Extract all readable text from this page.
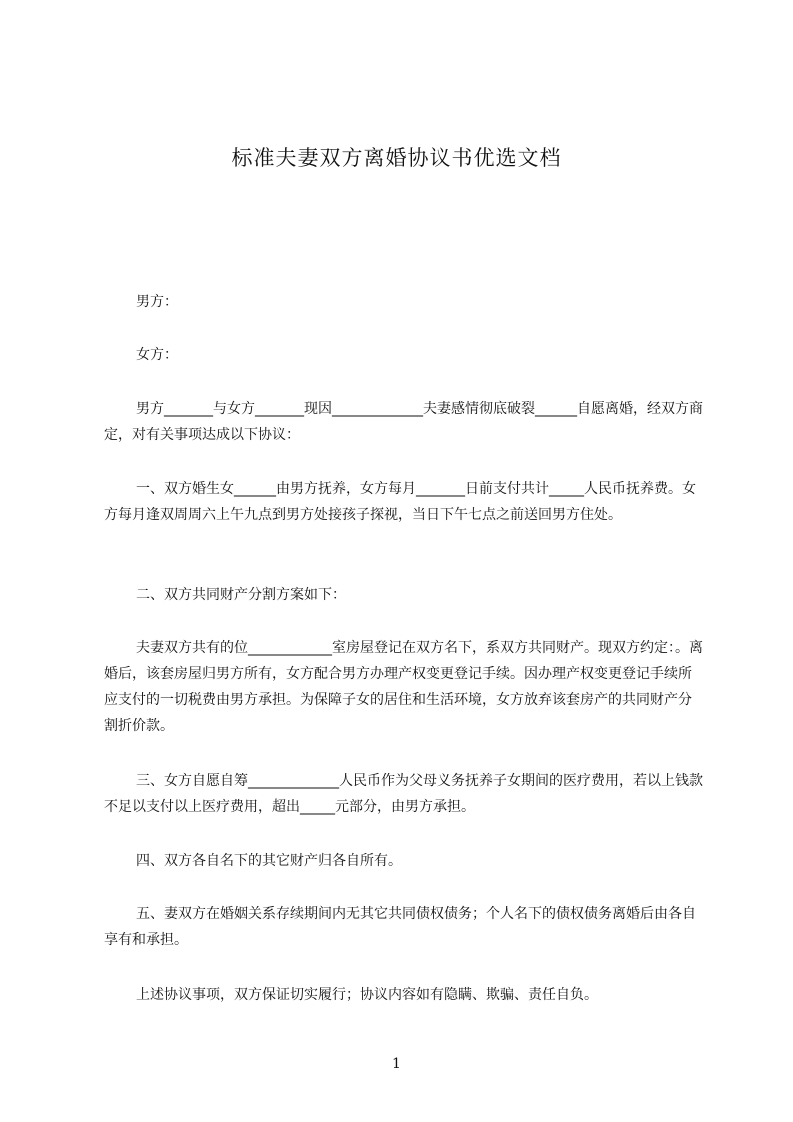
标准夫妻双方离婚协议书优选文档

男方：

女方：

男方_______与女方_______现因_____________夫妻感情彻底破裂______自愿离婚，经双方商定，对有关事项达成以下协议：

一、双方婚生女______由男方抚养，女方每月_______日前支付共计_____人民币抚养费。女方每月逢双周周六上午九点到男方处接孩子探视，当日下午七点之前送回男方住处。

二、双方共同财产分割方案如下：

夫妻双方共有的位____________室房屋登记在双方名下，系双方共同财产。现双方约定：。离婚后，该套房屋归男方所有，女方配合男方办理产权变更登记手续。因办理产权变更登记手续所应支付的一切税费由男方承担。为保障子女的居住和生活环境，女方放弃该套房产的共同财产分割折价款。

三、女方自愿自筹_____________人民币作为父母义务抚养子女期间的医疗费用，若以上钱款不足以支付以上医疗费用，超出_____元部分，由男方承担。

四、双方各自名下的其它财产归各自所有。

五、妻双方在婚姻关系存续期间内无其它共同债权债务；个人名下的债权债务离婚后由各自享有和承担。

上述协议事项，双方保证切实履行；协议内容如有隐瞒、欺骗、责任自负。

1
